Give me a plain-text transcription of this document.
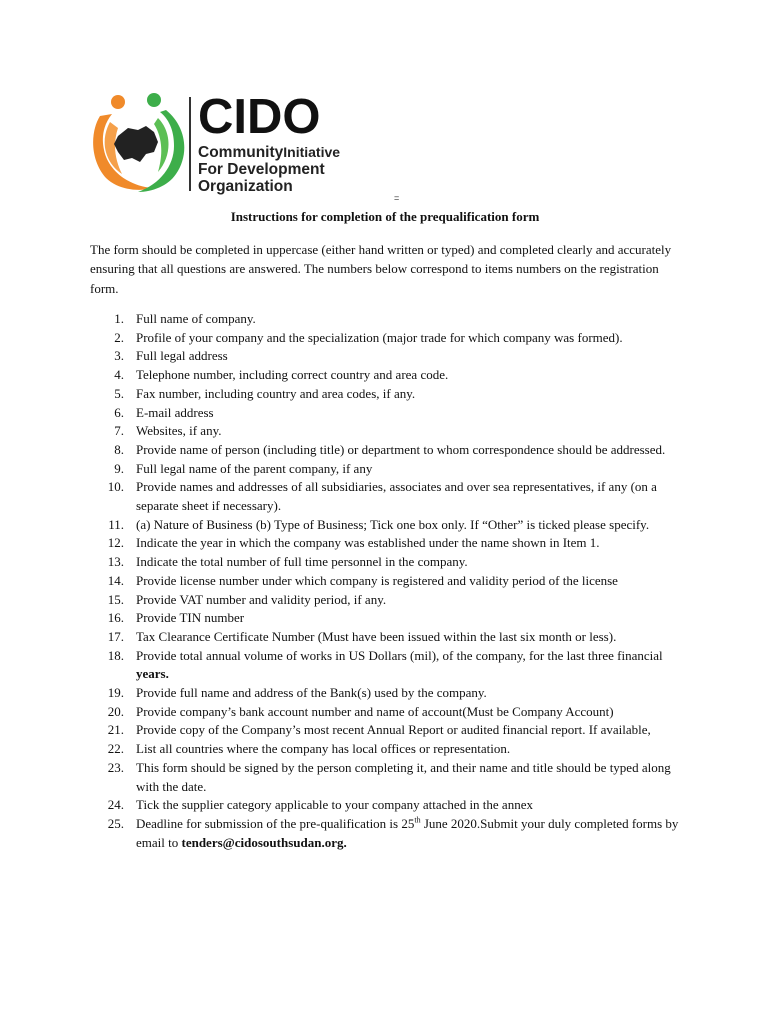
CIDO
CommunityInitiative
For Development
Organization
=
Instructions for completion of the prequalification form

The form should be completed in uppercase (either hand written or typed) and completed clearly and accurately ensuring that all questions are answered. The numbers below correspond to items numbers on the registration form.

1. Full name of company.
2. Profile of your company and the specialization (major trade for which company was formed).
3. Full legal address
4. Telephone number, including correct country and area code.
5. Fax number, including country and area codes, if any.
6. E-mail address
7. Websites, if any.
8. Provide name of person (including title) or department to whom correspondence should be addressed.
9. Full legal name of the parent company, if any
10. Provide names and addresses of all subsidiaries, associates and over sea representatives, if any (on a separate sheet if necessary).
11. (a) Nature of Business (b) Type of Business; Tick one box only. If “Other” is ticked please specify.
12. Indicate the year in which the company was established under the name shown in Item 1.
13. Indicate the total number of full time personnel in the company.
14. Provide license number under which company is registered and validity period of the license
15. Provide VAT number and validity period, if any.
16. Provide TIN number
17. Tax Clearance Certificate Number (Must have been issued within the last six month or less).
18. Provide total annual volume of works in US Dollars (mil), of the company, for the last three financial years.
19. Provide full name and address of the Bank(s) used by the company.
20. Provide company’s bank account number and name of account(Must be Company Account)
21. Provide copy of the Company’s most recent Annual Report or audited financial report. If available,
22. List all countries where the company has local offices or representation.
23. This form should be signed by the person completing it, and their name and title should be typed along with the date.
24. Tick the supplier category applicable to your company attached in the annex
25. Deadline for submission of the pre-qualification is 25th June 2020.Submit your duly completed forms by email to tenders@cidosouthsudan.org.
